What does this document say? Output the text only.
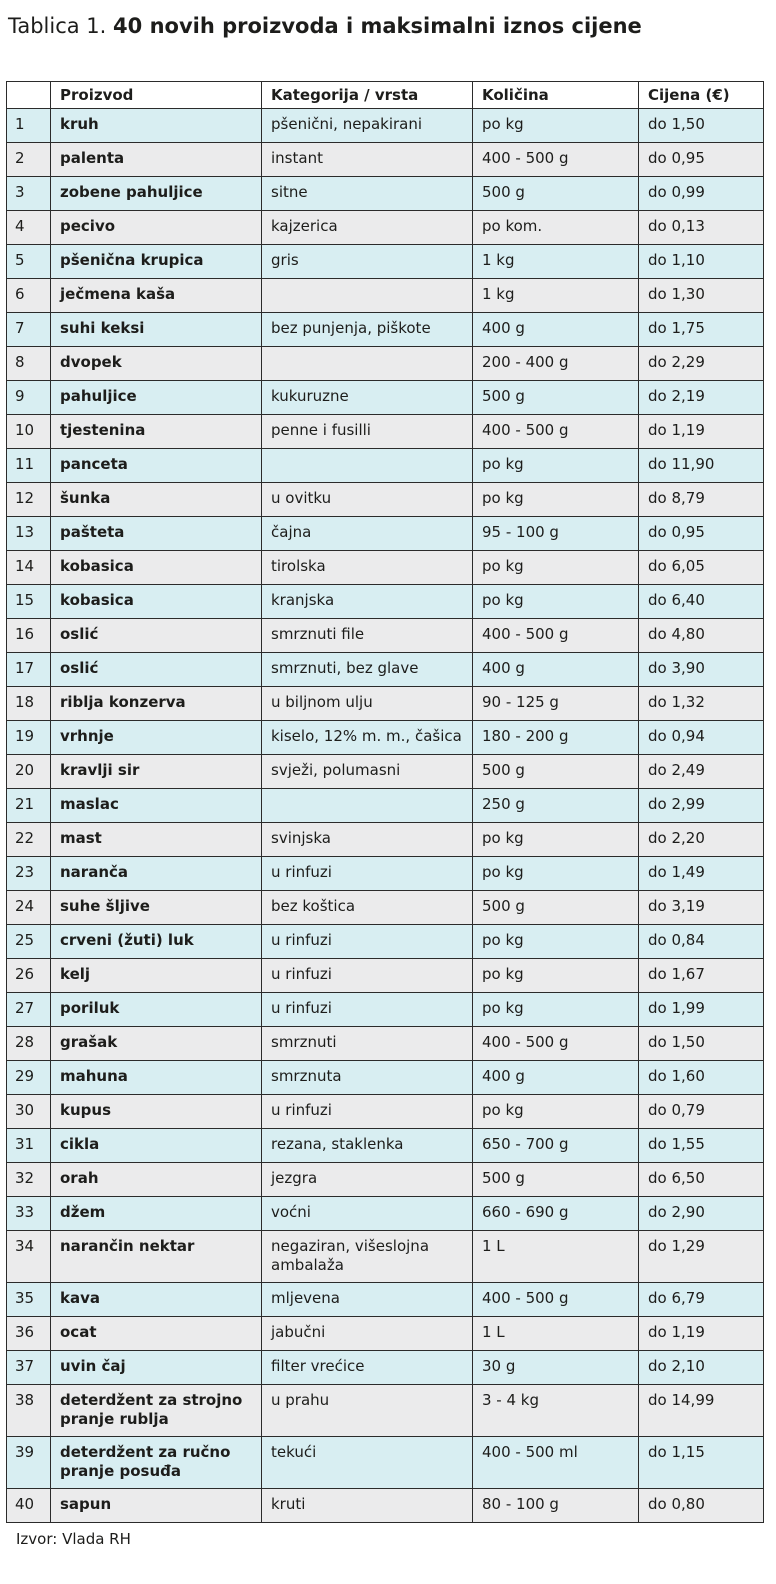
Tablica 1. 40 novih proizvoda i maksimalni iznos cijene
	Proizvod	Kategorija / vrsta	Količina	Cijena (€)
1	kruh	pšenični, nepakirani	po kg	do 1,50
2	palenta	instant	400 - 500 g	do 0,95
3	zobene pahuljice	sitne	500 g	do 0,99
4	pecivo	kajzerica	po kom.	do 0,13
5	pšenična krupica	gris	1 kg	do 1,10
6	ječmena kaša		1 kg	do 1,30
7	suhi keksi	bez punjenja, piškote	400 g	do 1,75
8	dvopek		200 - 400 g	do 2,29
9	pahuljice	kukuruzne	500 g	do 2,19
10	tjestenina	penne i fusilli	400 - 500 g	do 1,19
11	panceta		po kg	do 11,90
12	šunka	u ovitku	po kg	do 8,79
13	pašteta	čajna	95 - 100 g	do 0,95
14	kobasica	tirolska	po kg	do 6,05
15	kobasica	kranjska	po kg	do 6,40
16	oslić	smrznuti file	400 - 500 g	do 4,80
17	oslić	smrznuti, bez glave	400 g	do 3,90
18	riblja konzerva	u biljnom ulju	90 - 125 g	do 1,32
19	vrhnje	kiselo, 12% m. m., čašica	180 - 200 g	do 0,94
20	kravlji sir	svježi, polumasni	500 g	do 2,49
21	maslac		250 g	do 2,99
22	mast	svinjska	po kg	do 2,20
23	naranča	u rinfuzi	po kg	do 1,49
24	suhe šljive	bez koštica	500 g	do 3,19
25	crveni (žuti) luk	u rinfuzi	po kg	do 0,84
26	kelj	u rinfuzi	po kg	do 1,67
27	poriluk	u rinfuzi	po kg	do 1,99
28	grašak	smrznuti	400 - 500 g	do 1,50
29	mahuna	smrznuta	400 g	do 1,60
30	kupus	u rinfuzi	po kg	do 0,79
31	cikla	rezana, staklenka	650 - 700 g	do 1,55
32	orah	jezgra	500 g	do 6,50
33	džem	voćni	660 - 690 g	do 2,90
34	narančin nektar	negaziran, višeslojna ambalaža	1 L	do 1,29
35	kava	mljevena	400 - 500 g	do 6,79
36	ocat	jabučni	1 L	do 1,19
37	uvin čaj	filter vrećice	30 g	do 2,10
38	deterdžent za strojno pranje rublja	u prahu	3 - 4 kg	do 14,99
39	deterdžent za ručno pranje posuđa	tekući	400 - 500 ml	do 1,15
40	sapun	kruti	80 - 100 g	do 0,80
Izvor: Vlada RH
